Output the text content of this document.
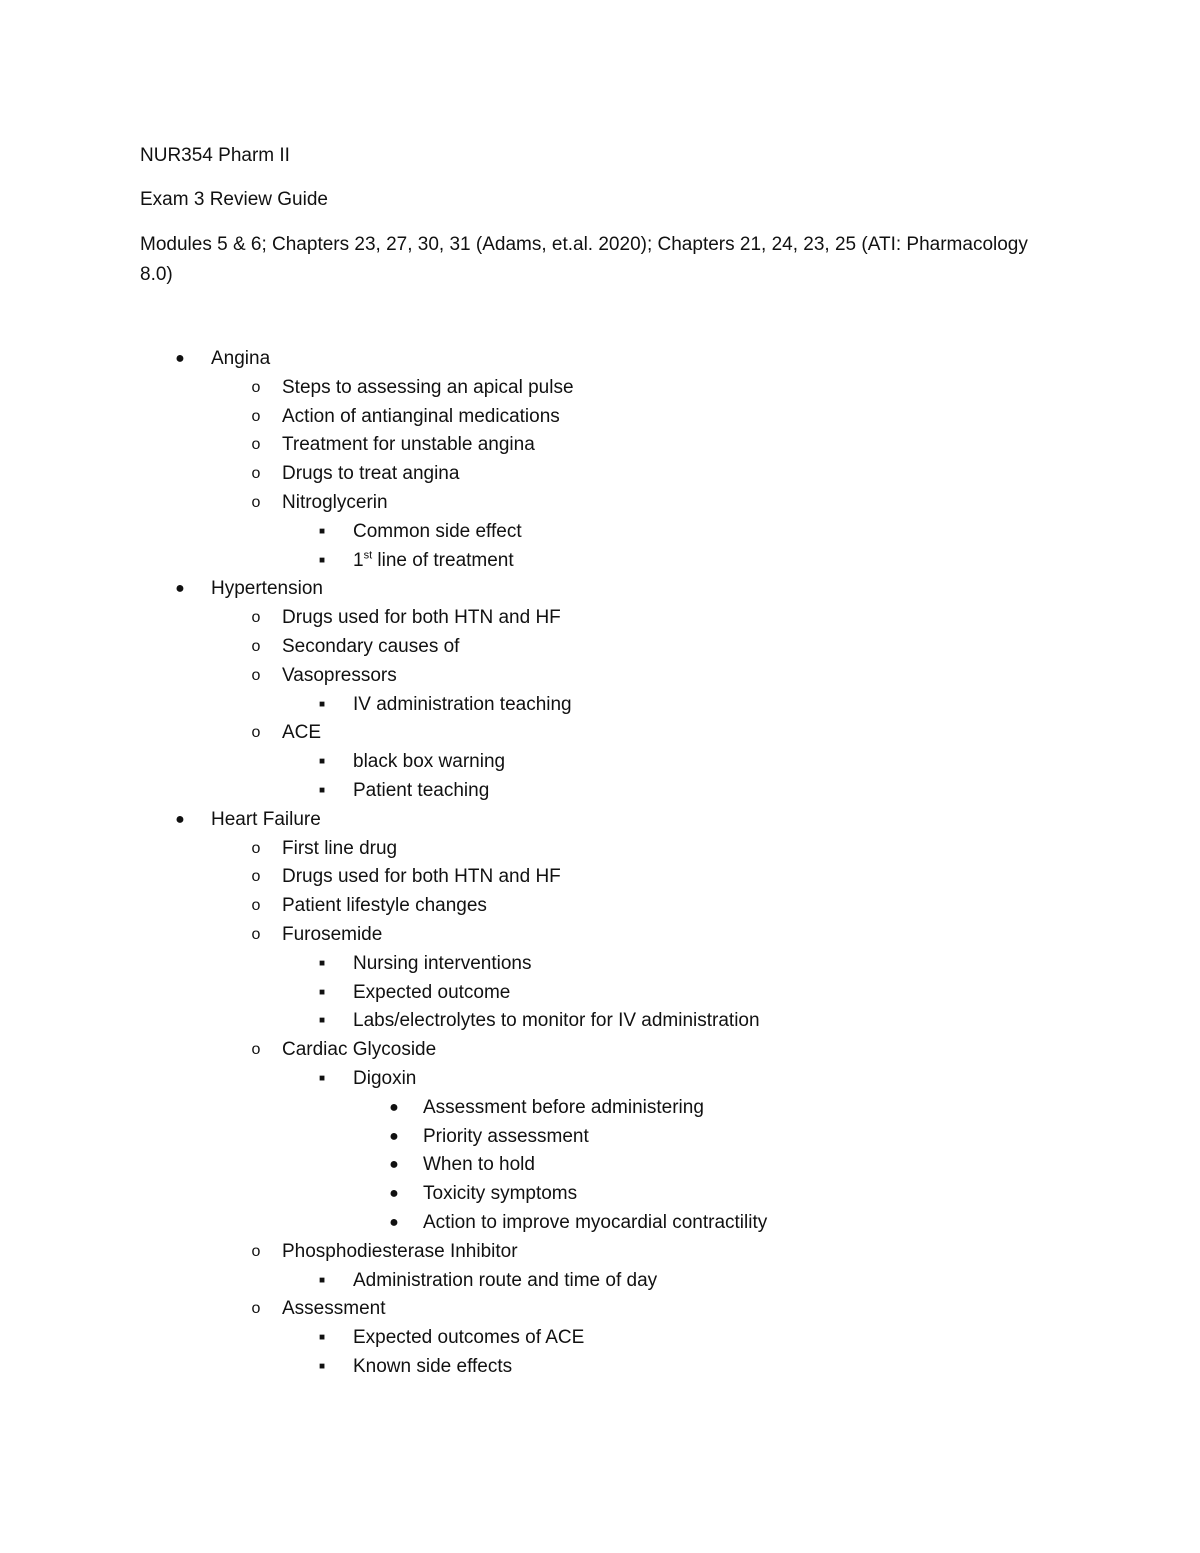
NUR354 Pharm II
Exam 3 Review Guide
Modules 5 & 6; Chapters 23, 27, 30, 31 (Adams, et.al. 2020); Chapters 21, 24, 23, 25 (ATI: Pharmacology 8.0)
● Angina
o Steps to assessing an apical pulse
o Action of antianginal medications
o Treatment for unstable angina
o Drugs to treat angina
o Nitroglycerin
■	Common side effect
■	1st line of treatment
● Hypertension
o Drugs used for both HTN and HF
o Secondary causes of
o Vasopressors
■	IV administration teaching
o ACE
■	black box warning
■	Patient teaching
● Heart Failure
o First line drug
o Drugs used for both HTN and HF
o Patient lifestyle changes
o Furosemide
■	Nursing interventions
■	Expected outcome
■	Labs/electrolytes to monitor for IV administration
o Cardiac Glycoside
■	Digoxin
● Assessment before administering
● Priority assessment
● When to hold
● Toxicity symptoms
● Action to improve myocardial contractility
o Phosphodiesterase Inhibitor
■	Administration route and time of day
o Assessment
■	Expected outcomes of ACE
■	Known side effects
